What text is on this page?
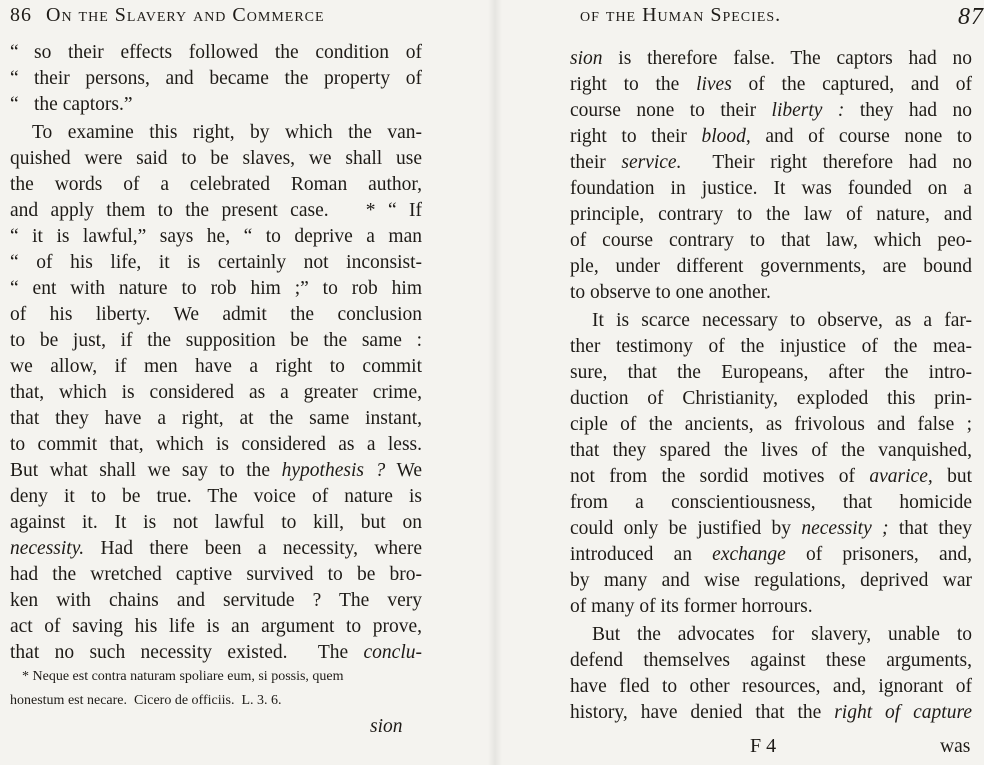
86 On the Slavery and Commerce
“ so their effects followed the condition of
“ their persons, and became the property of
“ the captors.”
To examine this right, by which the van-
quished were said to be slaves, we shall use
the words of a celebrated Roman author,
and apply them to the present case.   * “ If
“ it is lawful,” says he, “ to deprive a man
“ of his life, it is certainly not inconsist-
“ ent with nature to rob him ;” to rob him
of his liberty. We admit the conclusion
to be just, if the supposition be the same :
we allow, if men have a right to commit
that, which is considered as a greater crime,
that they have a right, at the same instant,
to commit that, which is considered as a less.
But what shall we say to the hypothesis ? We
deny it to be true. The voice of nature is
against it. It is not lawful to kill, but on
necessity. Had there been a necessity, where
had the wretched captive survived to be bro-
ken with chains and servitude ? The very
act of saving his life is an argument to prove,
that no such necessity existed.  The conclu-
* Neque est contra naturam spoliare eum, si possis, quem
honestum est necare.  Cicero de officiis.  L. 3. 6.
sion
of the Human Species.	87
sion is therefore false. The captors had no
right to the lives of the captured, and of
course none to their liberty : they had no
right to their blood, and of course none to
their service.  Their right therefore had no
foundation in justice. It was founded on a
principle, contrary to the law of nature, and
of course contrary to that law, which peo-
ple, under different governments, are bound
to observe to one another.
It is scarce necessary to observe, as a far-
ther testimony of the injustice of the mea-
sure, that the Europeans, after the intro-
duction of Christianity, exploded this prin-
ciple of the ancients, as frivolous and false ;
that they spared the lives of the vanquished,
not from the sordid motives of avarice, but
from a conscientiousness, that homicide
could only be justified by necessity ; that they
introduced an exchange of prisoners, and,
by many and wise regulations, deprived war
of many of its former horrours.
But the advocates for slavery, unable to
defend themselves against these arguments,
have fled to other resources, and, ignorant of
history, have denied that the right of capture
F 4	was
